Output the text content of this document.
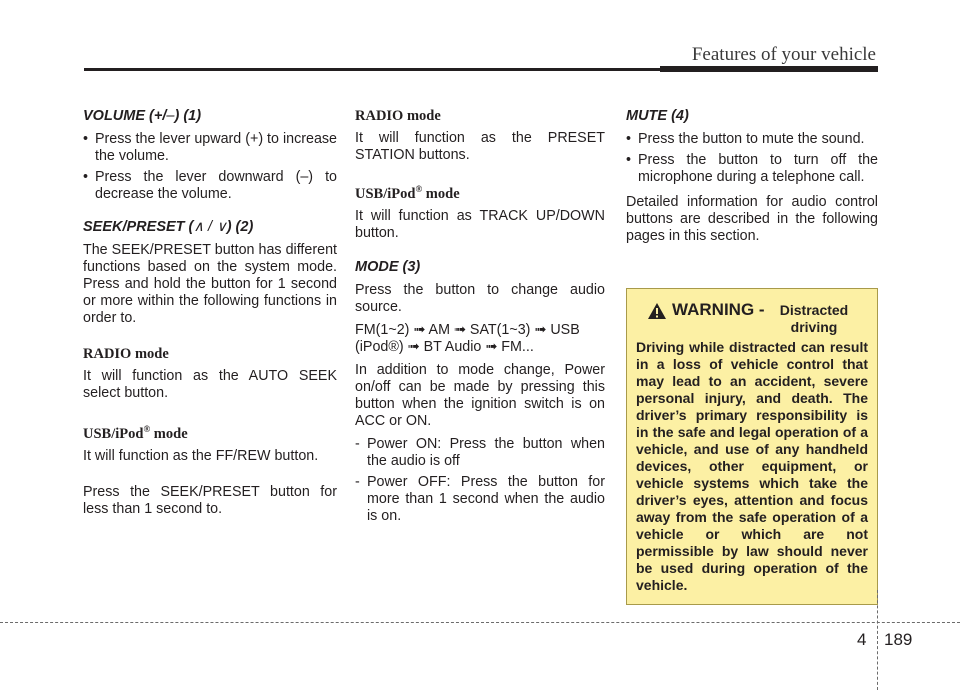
Features of your vehicle
VOLUME (+/–) (1)
• Press the lever upward (+) to increase the volume.
• Press the lever downward (–) to decrease the volume.
SEEK/PRESET (∧ / ∨) (2)

The SEEK/PRESET button has different functions based on the system mode. Press and hold the button for 1 second or more within the following functions in order to.

RADIO mode

It will function as the AUTO SEEK select button.

USB/iPod® mode

It will function as the FF/REW button.

Press the SEEK/PRESET button for less than 1 second to.

RADIO mode

It will function as the PRESET STATION buttons.

USB/iPod® mode

It will function as TRACK UP/DOWN button.

MODE (3)

Press the button to change audio source.

FM(1~2) ➟ AM ➟ SAT(1~3) ➟ USB
(iPod®) ➟ BT Audio ➟ FM...

In addition to mode change, Power on/off can be made by pressing this button when the ignition switch is on ACC or ON.

- Power ON: Press the button when the audio is off
- Power OFF: Press the button for more than 1 second when the audio is on.
MUTE (4)
• Press the button to mute the sound.
• Press the button to turn off the microphone during a telephone call.

Detailed information for audio control buttons are described in the following pages in this section.

WARNING -	Distracted driving
Driving while distracted can result in a loss of vehicle control that may lead to an accident, severe personal injury, and death. The driver’s primary responsibility is in the safe and legal operation of a vehicle, and use of any handheld devices, other equipment, or vehicle systems which take the driver’s eyes, attention and focus away from the safe operation of a vehicle or which are not permissible by law should never be used during operation of the vehicle.
4 189
